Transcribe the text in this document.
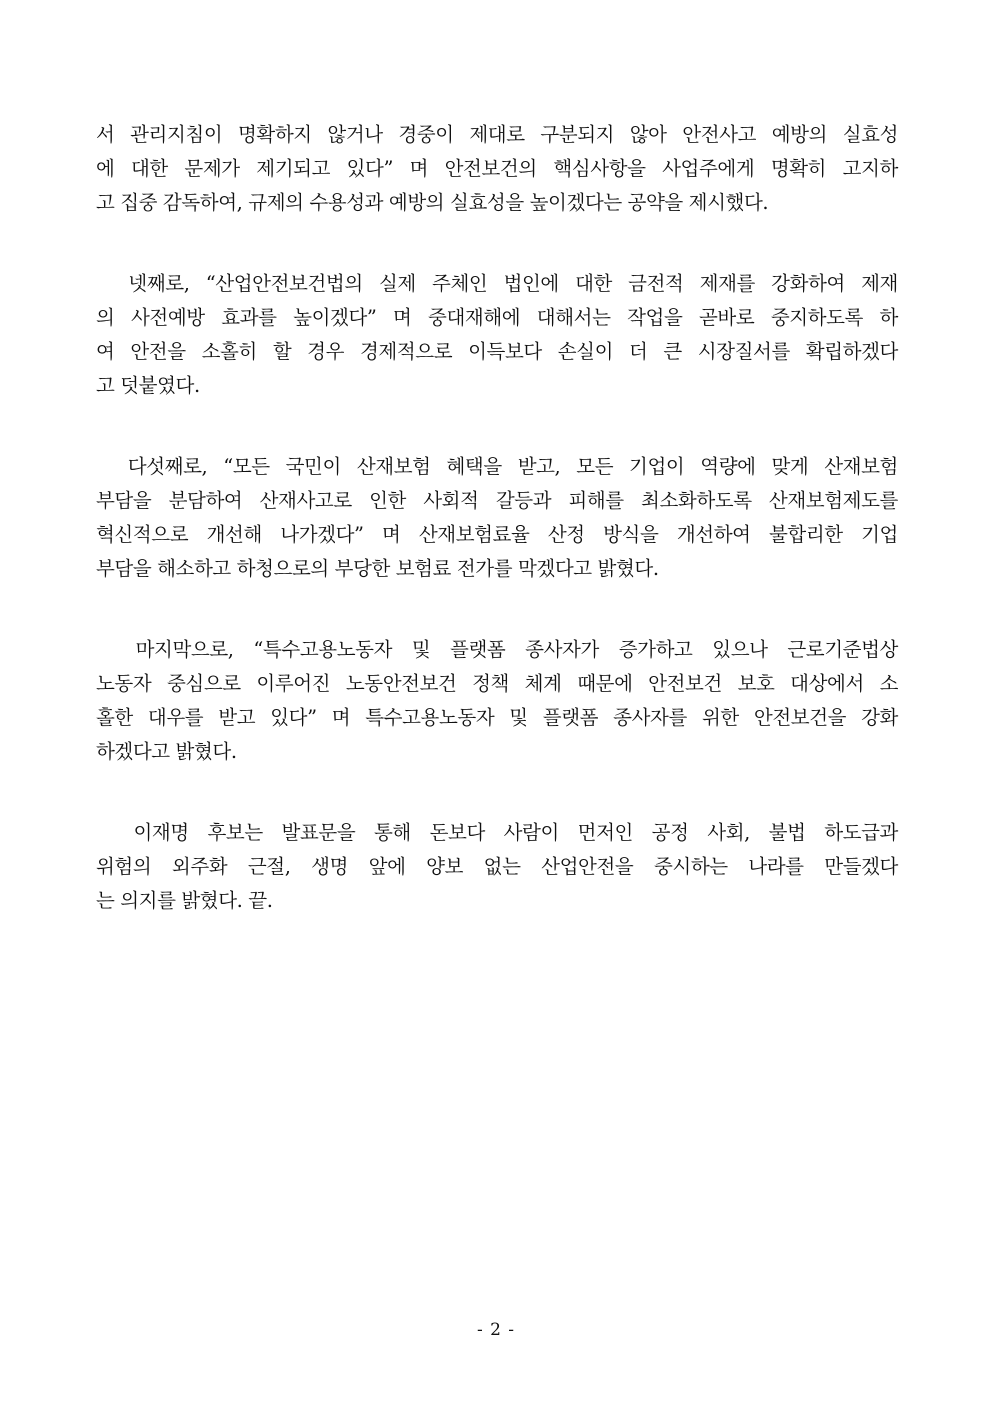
서 관리지침이 명확하지 않거나 경중이 제대로 구분되지 않아 안전사고 예방의 실효성
에 대한 문제가 제기되고 있다” 며 안전보건의 핵심사항을 사업주에게 명확히 고지하
고 집중 감독하여, 규제의 수용성과 예방의 실효성을 높이겠다는 공약을 제시했다.

넷째로, “산업안전보건법의 실제 주체인 법인에 대한 금전적 제재를 강화하여 제재
의 사전예방 효과를 높이겠다” 며 중대재해에 대해서는 작업을 곧바로 중지하도록 하
여 안전을 소홀히 할 경우 경제적으로 이득보다 손실이 더 큰 시장질서를 확립하겠다
고 덧붙였다.

다섯째로, “모든 국민이 산재보험 혜택을 받고, 모든 기업이 역량에 맞게 산재보험
부담을 분담하여 산재사고로 인한 사회적 갈등과 피해를 최소화하도록 산재보험제도를
혁신적으로 개선해 나가겠다” 며 산재보험료율 산정 방식을 개선하여 불합리한 기업
부담을 해소하고 하청으로의 부당한 보험료 전가를 막겠다고 밝혔다.

마지막으로, “특수고용노동자 및 플랫폼 종사자가 증가하고 있으나 근로기준법상
노동자 중심으로 이루어진 노동안전보건 정책 체계 때문에 안전보건 보호 대상에서 소
홀한 대우를 받고 있다” 며 특수고용노동자 및 플랫폼 종사자를 위한 안전보건을 강화
하겠다고 밝혔다.

이재명 후보는 발표문을 통해 돈보다 사람이 먼저인 공정 사회, 불법 하도급과
위험의 외주화 근절, 생명 앞에 양보 없는 산업안전을 중시하는 나라를 만들겠다
는 의지를 밝혔다. 끝.

- 2 -
